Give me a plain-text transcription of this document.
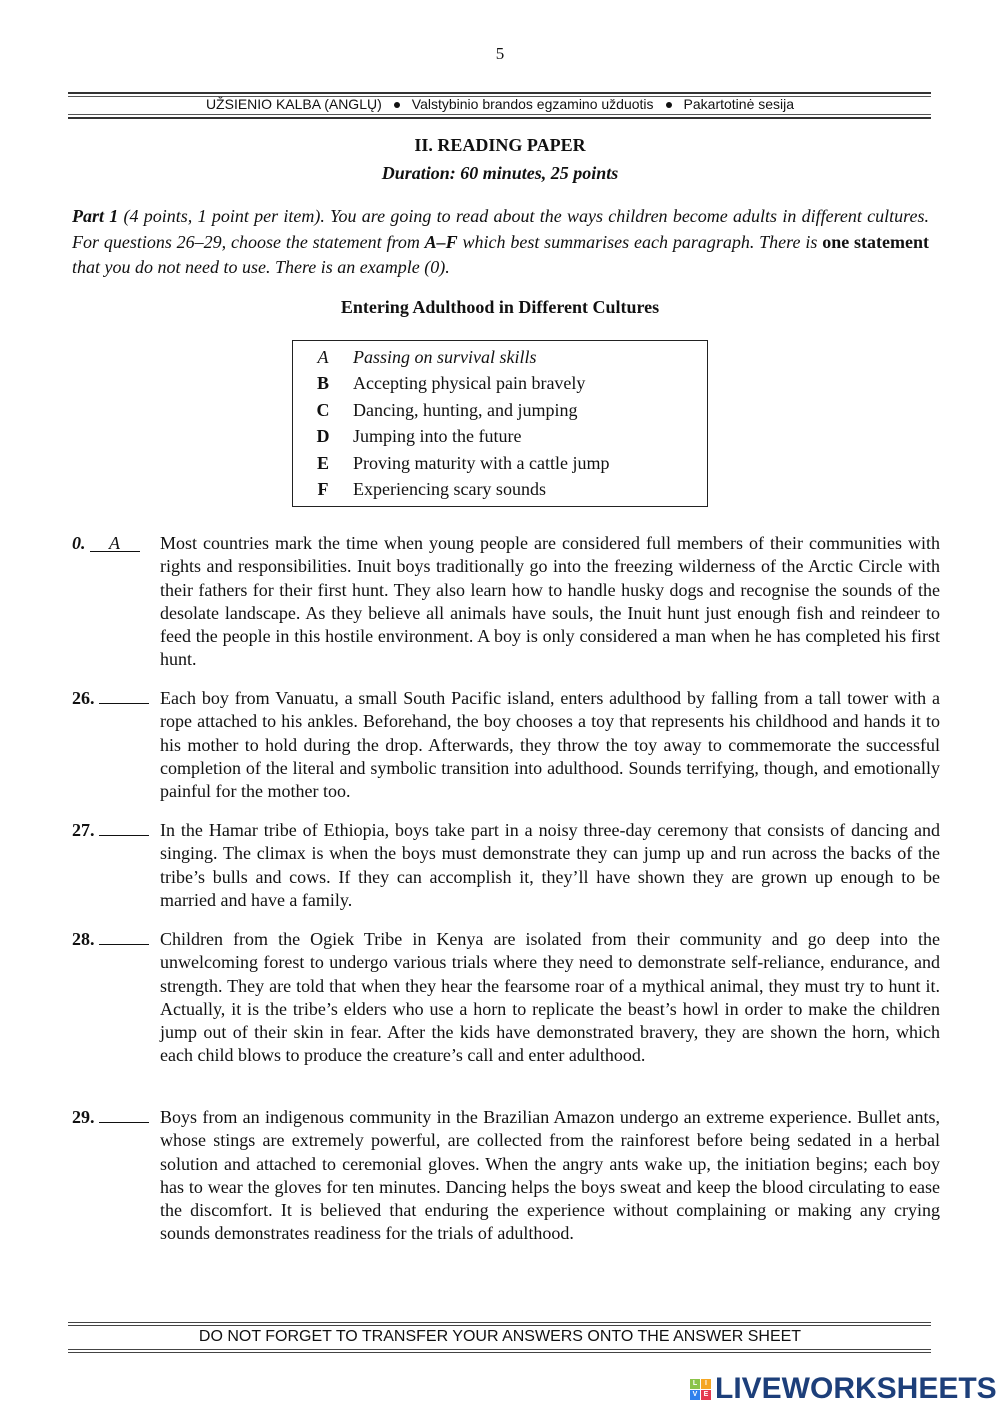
5
UŽSIENIO KALBA (ANGLŲ) Valstybinio brandos egzamino užduotis Pakartotinė sesija
II. READING PAPER
Duration: 60 minutes, 25 points
Part 1 (4 points, 1 point per item). You are going to read about the ways children become adults in different cultures. For questions 26–29, choose the statement from A–F which best summarises each paragraph. There is one statement that you do not need to use. There is an example (0).
Entering Adulthood in Different Cultures
A	Passing on survival skills
B	Accepting physical pain bravely
C	Dancing, hunting, and jumping
D	Jumping into the future
E	Proving maturity with a cattle jump
F	Experiencing scary sounds
0. A	Most countries mark the time when young people are considered full members of their communities with rights and responsibilities. Inuit boys traditionally go into the freezing wilderness of the Arctic Circle with their fathers for their first hunt. They also learn how to handle husky dogs and recognise the sounds of the desolate landscape. As they believe all animals have souls, the Inuit hunt just enough fish and reindeer to feed the people in this hostile environment. A boy is only considered a man when he has completed his first hunt.
26.	Each boy from Vanuatu, a small South Pacific island, enters adulthood by falling from a tall tower with a rope attached to his ankles. Beforehand, the boy chooses a toy that represents his childhood and hands it to his mother to hold during the drop. Afterwards, they throw the toy away to commemorate the successful completion of the literal and symbolic transition into adulthood. Sounds terrifying, though, and emotionally painful for the mother too.
27.	In the Hamar tribe of Ethiopia, boys take part in a noisy three-day ceremony that consists of dancing and singing. The climax is when the boys must demonstrate they can jump up and run across the backs of the tribe’s bulls and cows. If they can accomplish it, they’ll have shown they are grown up enough to be married and have a family.
28.	Children from the Ogiek Tribe in Kenya are isolated from their community and go deep into the unwelcoming forest to undergo various trials where they need to demonstrate self-reliance, endurance, and strength. They are told that when they hear the fearsome roar of a mythical animal, they must try to hunt it. Actually, it is the tribe’s elders who use a horn to replicate the beast’s howl in order to make the children jump out of their skin in fear. After the kids have demonstrated bravery, they are shown the horn, which each child blows to produce the creature’s call and enter adulthood.
29.	Boys from an indigenous community in the Brazilian Amazon undergo an extreme experience. Bullet ants, whose stings are extremely powerful, are collected from the rainforest before being sedated in a herbal solution and attached to ceremonial gloves. When the angry ants wake up, the initiation begins; each boy has to wear the gloves for ten minutes. Dancing helps the boys sweat and keep the blood circulating to ease the discomfort. It is believed that enduring the experience without complaining or making any crying sounds demonstrates readiness for the trials of adulthood.
DO NOT FORGET TO TRANSFER YOUR ANSWERS ONTO THE ANSWER SHEET
L	I
V E LIVEWORKSHEETS
